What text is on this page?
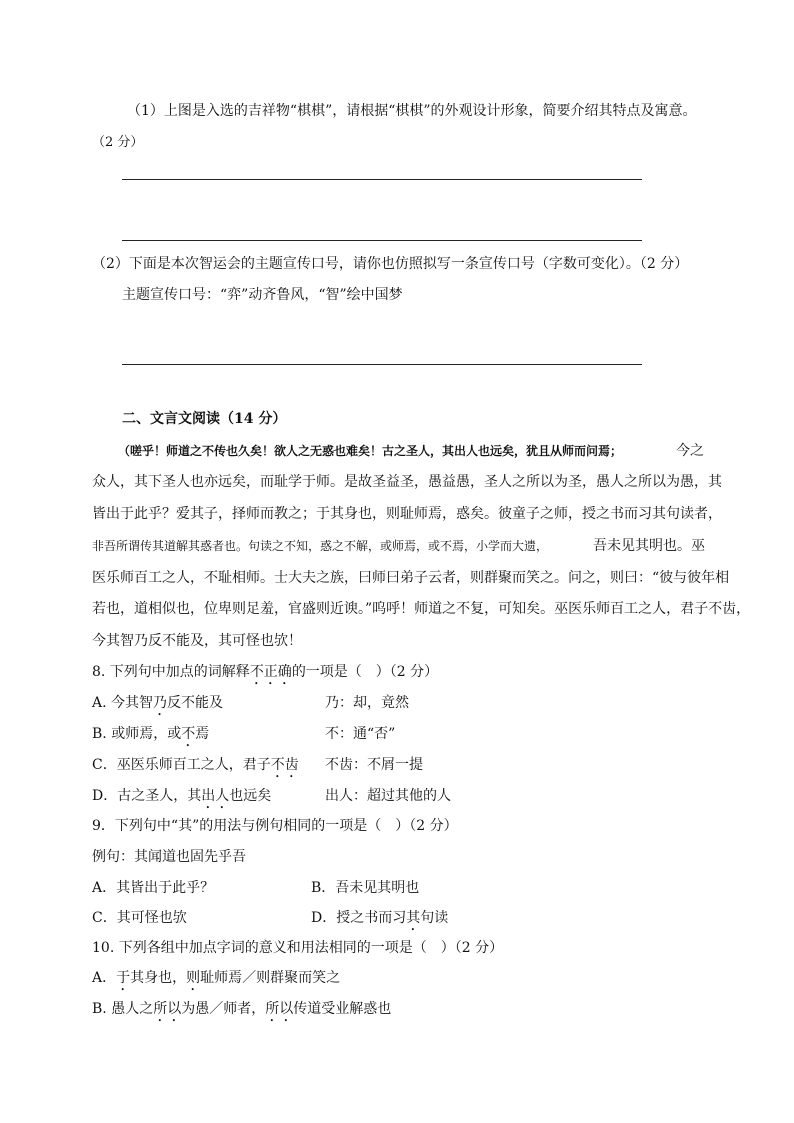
（1）上图是入选的吉祥物“棋棋”，请根据“棋棋”的外观设计形象，简要介绍其特点及寓意。
（2 分）
（2）下面是本次智运会的主题宣传口号，请你也仿照拟写一条宣传口号（字数可变化）。（2 分）
主题宣传口号：“弈”动齐鲁风，“智”绘中国梦
二、文言文阅读（14 分）
（嗟乎！师道之不传也久矣！欲人之无惑也难矣！古之圣人，其出人也远矣，犹且从师而问焉；	今之
众人，其下圣人也亦远矣，而耻学于师。是故圣益圣，愚益愚，圣人之所以为圣，愚人之所以为愚，其
皆出于此乎？爱其子，择师而教之；于其身也，则耻师焉，惑矣。彼童子之师，授之书而习其句读者，
非吾所谓传其道解其惑者也。句读之不知，惑之不解，或师焉，或不焉，小学而大遗，	吾未见其明也。巫
医乐师百工之人，不耻相师。士大夫之族，曰师曰弟子云者，则群聚而笑之。问之，则曰：“彼与彼年相
若也，道相似也，位卑则足羞，官盛则近谀。”呜呼！师道之不复，可知矣。巫医乐师百工之人，君子不齿，
今其智乃反不能及，其可怪也欤！
8. 下列句中加点的词解释不正确的一项是（　）（2 分）
A. 今其智乃反不能及	乃：却，竟然
B. 或师焉，或不焉	不：通“否”
C．巫医乐师百工之人，君子不齿 不齿：不屑一提
D．古之圣人，其出人也远矣	出人：超过其他的人
9．下列句中“其”的用法与例句相同的一项是（　）（2 分）
例句：其闻道也固先乎吾
A．其皆出于此乎？	B．吾未见其明也
C．其可怪也欤	D．授之书而习其句读
10. 下列各组中加点字词的意义和用法相同的一项是（　）（2 分）
A．于其身也，则耻师焉／则群聚而笑之
B. 愚人之所以为愚／师者，所以传道受业解惑也
